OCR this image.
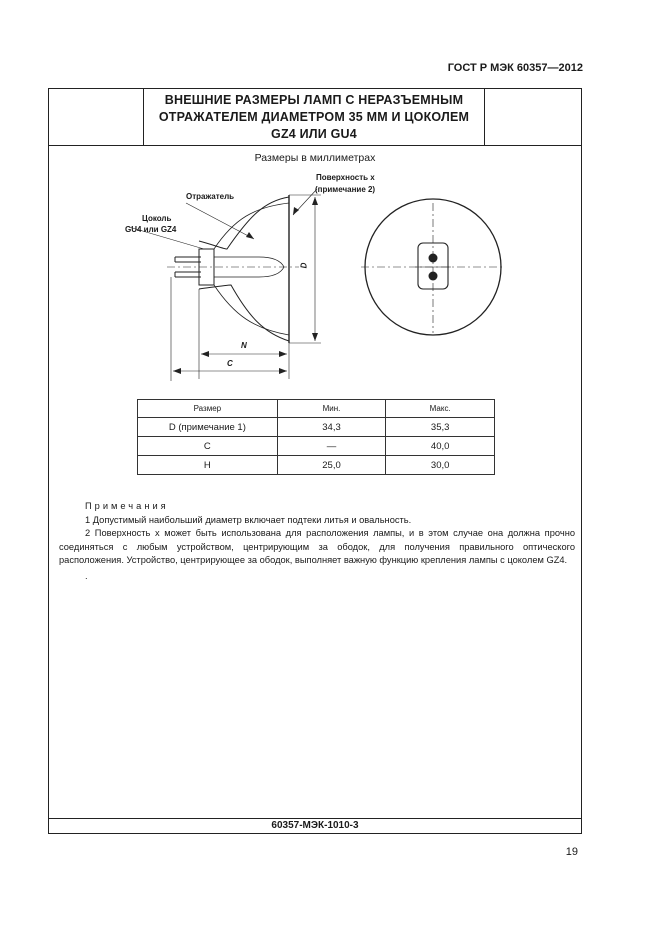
ГОСТ Р МЭК 60357—2012
ВНЕШНИЕ РАЗМЕРЫ ЛАМП С НЕРАЗЪЕМНЫМ
ОТРАЖАТЕЛЕМ ДИАМЕТРОМ 35 ММ И ЦОКОЛЕМ
GZ4 ИЛИ GU4
Размеры в миллиметрах
Поверхность x
(примечание 2)
Отражатель
Цоколь
GU4 или GZ4
D
N
C
Размер	Мин.	Макс.
D (примечание 1)	34,3	35,3
C	—	40,0
H	25,0	30,0
Примечания

1 Допустимый наибольший диаметр включает подтеки литья и овальность.

2 Поверхность x может быть использована для расположения лампы, и в этом случае она должна прочно соединяться с любым устройством, центрирующим за ободок, для получения правильного оптического расположения. Устройство, центрирующее за ободок, выполняет важную функцию крепления лампы с цоколем GZ4.

.
60357-МЭК-1010-3
19
